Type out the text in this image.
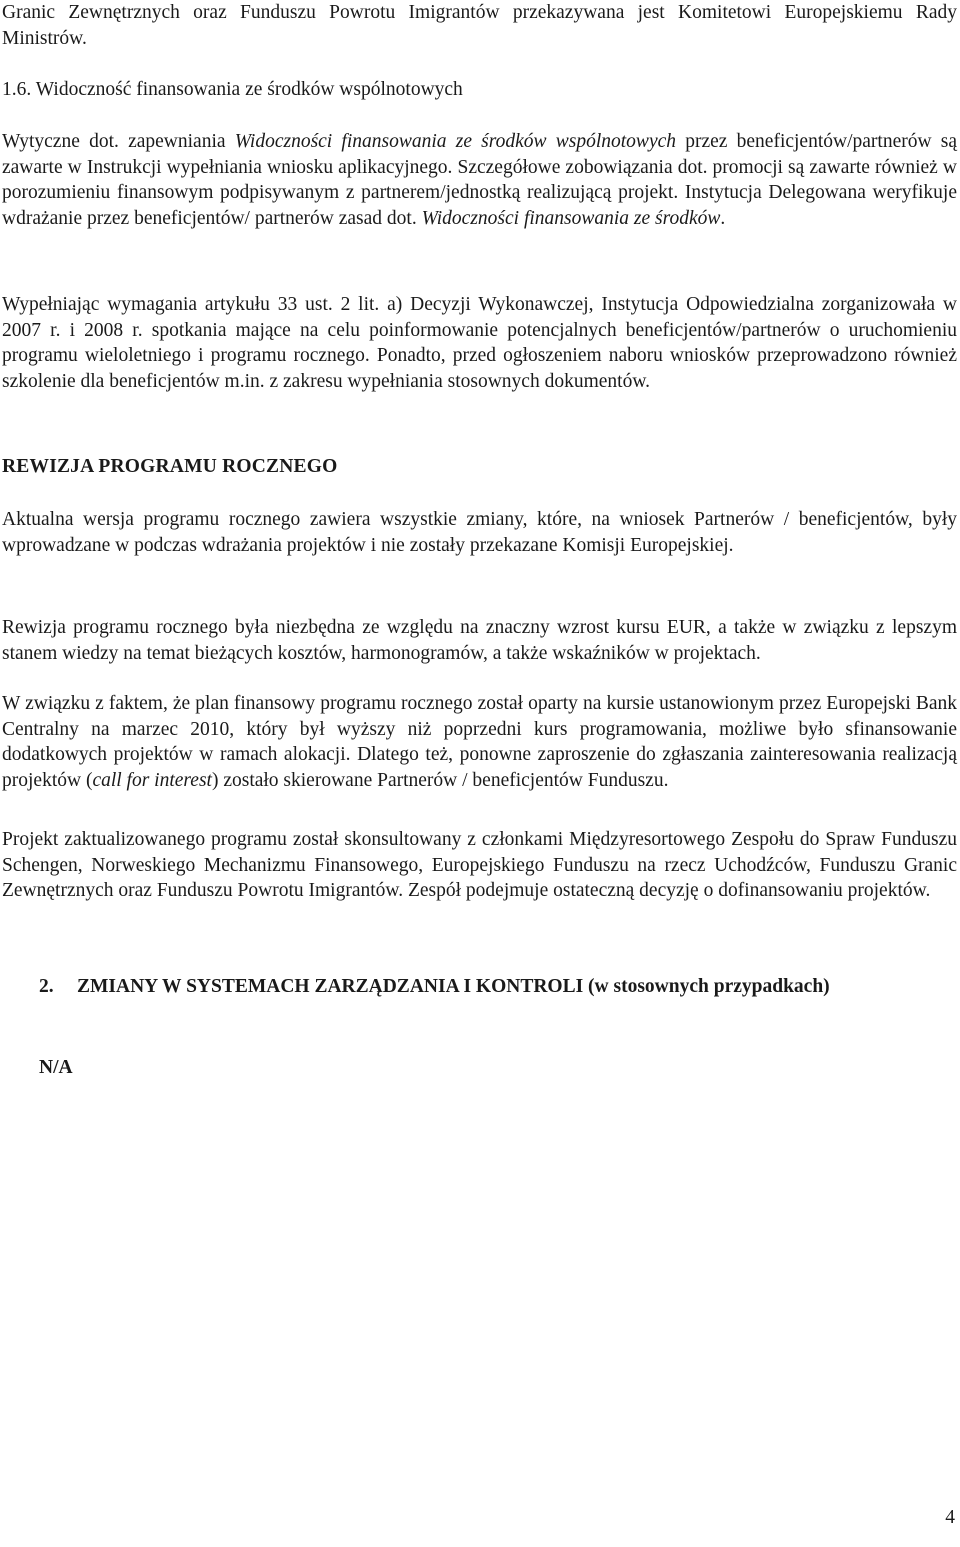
Granic Zewnętrznych oraz Funduszu Powrotu Imigrantów przekazywana jest Komitetowi Europejskiemu Rady Ministrów.

1.6. Widoczność finansowania ze środków wspólnotowych

Wytyczne dot. zapewniania Widoczności finansowania ze środków wspólnotowych przez beneficjentów/partnerów są zawarte w Instrukcji wypełniania wniosku aplikacyjnego. Szczegółowe zobowiązania dot. promocji są zawarte również w porozumieniu finansowym podpisywanym z partnerem/jednostką realizującą projekt. Instytucja Delegowana weryfikuje wdrażanie przez beneficjentów/ partnerów zasad dot. Widoczności finansowania ze środków.

Wypełniając wymagania artykułu 33 ust. 2 lit. a) Decyzji Wykonawczej, Instytucja Odpowiedzialna zorganizowała w 2007 r. i 2008 r. spotkania mające na celu poinformowanie potencjalnych beneficjentów/partnerów o uruchomieniu programu wieloletniego i programu rocznego. Ponadto, przed ogłoszeniem naboru wniosków przeprowadzono również szkolenie dla beneficjentów m.in. z zakresu wypełniania stosownych dokumentów.

REWIZJA PROGRAMU ROCZNEGO

Aktualna wersja programu rocznego zawiera wszystkie zmiany, które, na wniosek Partnerów / beneficjentów, były wprowadzane w podczas wdrażania projektów i nie zostały przekazane Komisji Europejskiej.

Rewizja programu rocznego była niezbędna ze względu na znaczny wzrost kursu EUR, a także w związku z lepszym stanem wiedzy na temat bieżących kosztów, harmonogramów, a także wskaźników w projektach.

W związku z faktem, że plan finansowy programu rocznego został oparty na kursie ustanowionym przez Europejski Bank Centralny na marzec 2010, który był wyższy niż poprzedni kurs programowania, możliwe było sfinansowanie dodatkowych projektów w ramach alokacji. Dlatego też, ponowne zaproszenie do zgłaszania zainteresowania realizacją projektów (call for interest) zostało skierowane Partnerów / beneficjentów Funduszu.

Projekt zaktualizowanego programu został skonsultowany z członkami Międzyresortowego Zespołu do Spraw Funduszu Schengen, Norweskiego Mechanizmu Finansowego, Europejskiego Funduszu na rzecz Uchodźców, Funduszu Granic Zewnętrznych oraz Funduszu Powrotu Imigrantów. Zespół podejmuje ostateczną decyzję o dofinansowaniu projektów.

2. ZMIANY W SYSTEMACH ZARZĄDZANIA I KONTROLI (w stosownych przypadkach)

N/A

4
